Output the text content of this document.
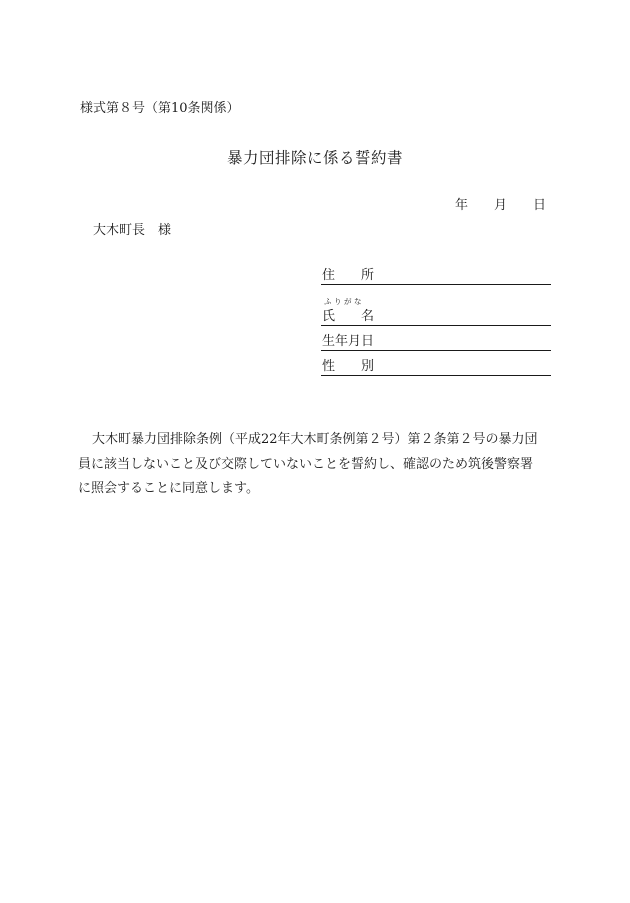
様式第８号（第10条関係）
暴力団排除に係る誓約書
年 月 日
大木町長 様
住　　所
ふりがな
氏　　名
生年月日
性　　別
大木町暴力団排除条例（平成22年大木町条例第２号）第２条第２号の暴力団
員に該当しないこと及び交際していないことを誓約し、確認のため筑後警察署
に照会することに同意します。
